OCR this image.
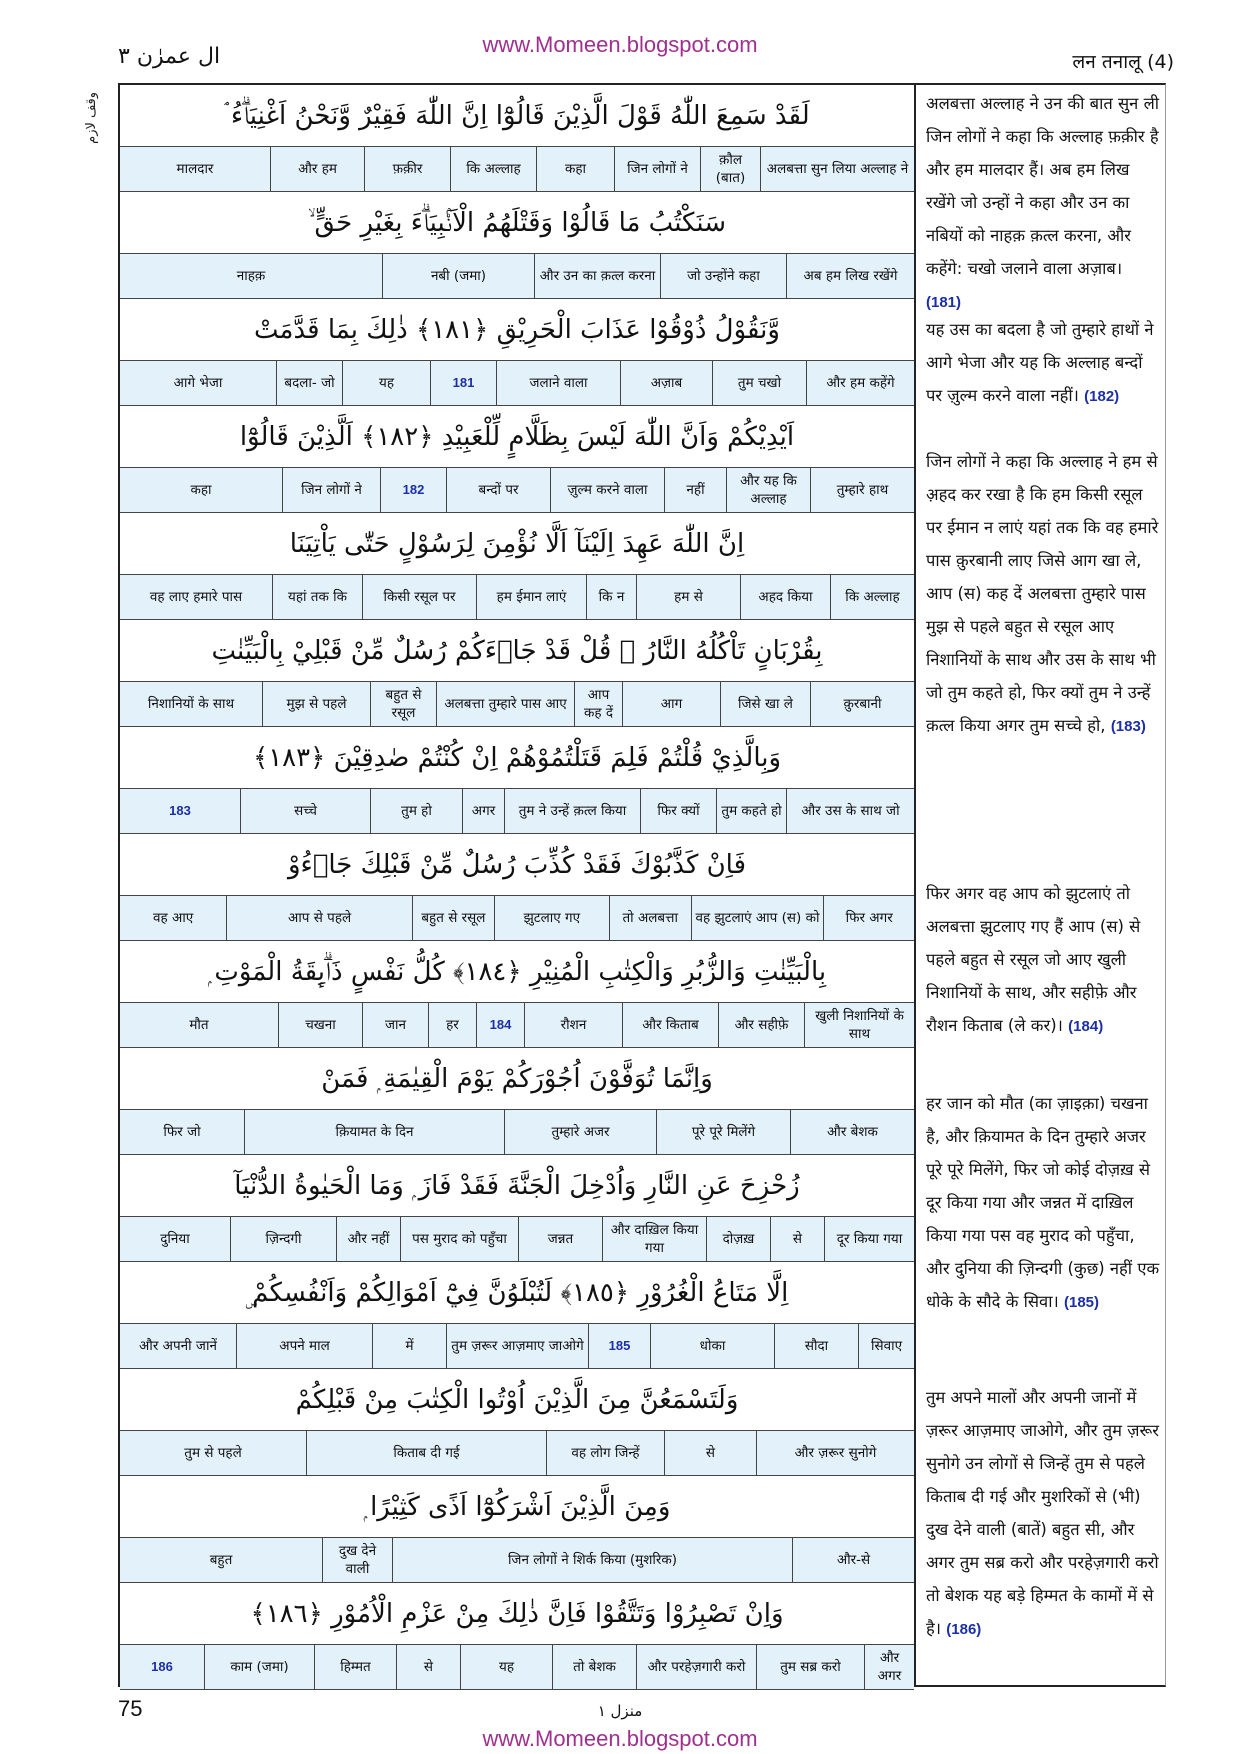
www.Momeen.blogspot.com
ال عمرٰن ٣	लन तनालू (4)
وقف لازم	لَقَدْ سَمِعَ اللّٰهُ قَوْلَ الَّذِيْنَ قَالُوْٓا اِنَّ اللّٰهَ فَقِيْرٌ وَّنَحْنُ اَغْنِيَاۗءُ ۘ
अलबत्ता सुन लिया अल्लाह ने
क़ौल (बात)
जिन लोगों ने
कहा
कि अल्लाह
फ़क़ीर
और हम
मालदार
سَنَكْتُبُ مَا قَالُوْا وَقَتْلَهُمُ الْاَنْۢبِيَاۗءَ بِغَيْرِ حَقٍّ ۙ
अब हम लिख रखेंगे
जो उन्होंने कहा
और उन का क़त्ल करना
नबी (जमा)
नाहक़
وَّنَقُوْلُ ذُوْقُوْا عَذَابَ الْحَرِيْقِ ﴿١٨١﴾ ذٰلِكَ بِمَا قَدَّمَتْ
और हम कहेंगे
तुम चखो
अज़ाब
जलाने वाला
181
यह
बदला- जो
आगे भेजा
اَيْدِيْكُمْ وَاَنَّ اللّٰهَ لَيْسَ بِظَلَّامٍ لِّلْعَبِيْدِ ﴿١٨٢﴾ اَلَّذِيْنَ قَالُوْٓا
तुम्हारे हाथ
और यह कि अल्लाह
नहीं
ज़ुल्म करने वाला
बन्दों पर
182
जिन लोगों ने
कहा
اِنَّ اللّٰهَ عَهِدَ اِلَيْنَآ اَلَّا نُؤْمِنَ لِرَسُوْلٍ حَتّٰى يَاْتِيَنَا
कि अल्लाह
अहद किया
हम से
कि न
हम ईमान लाएं
किसी रसूल पर
यहां तक कि
वह लाए हमारे पास
بِقُرْبَانٍ تَاْكُلُهُ النَّارُ ۭ قُلْ قَدْ جَاۗءَكُمْ رُسُلٌ مِّنْ قَبْلِيْ بِالْبَيِّنٰتِ
क़ुरबानी
जिसे खा ले
आग
आप कह दें
अलबत्ता तुम्हारे पास आए
बहुत से रसूल
मुझ से पहले
निशानियों के साथ
وَبِالَّذِيْ قُلْتُمْ فَلِمَ قَتَلْتُمُوْهُمْ اِنْ كُنْتُمْ صٰدِقِيْنَ ﴿١٨٣﴾
और उस के साथ जो
तुम कहते हो
फिर क्यों
तुम ने उन्हें क़त्ल किया
अगर
तुम हो
सच्चे
183
فَاِنْ كَذَّبُوْكَ فَقَدْ كُذِّبَ رُسُلٌ مِّنْ قَبْلِكَ جَاۗءُوْ
फिर अगर
वह झुटलाएं आप (स) को
तो अलबत्ता
झुटलाए गए
बहुत से रसूल
आप से पहले
वह आए
بِالْبَيِّنٰتِ وَالزُّبُرِ وَالْكِتٰبِ الْمُنِيْرِ ﴿١٨٤﴾ كُلُّ نَفْسٍ ذَاۗىِٕقَةُ الْمَوْتِ ۭ
खुली निशानियों के साथ
और सहीफ़े
और किताब
रौशन
184
हर
जान
चखना
मौत
وَاِنَّمَا تُوَفَّوْنَ اُجُوْرَكُمْ يَوْمَ الْقِيٰمَةِ ۭ فَمَنْ
और बेशक
पूरे पूरे मिलेंगे
तुम्हारे अजर
क़ियामत के दिन
फिर जो
زُحْزِحَ عَنِ النَّارِ وَاُدْخِلَ الْجَنَّةَ فَقَدْ فَازَ ۭ وَمَا الْحَيٰوةُ الدُّنْيَآ
दूर किया गया
से
दोज़ख़
और दाख़िल किया गया
जन्नत
पस मुराद को पहुँचा
और नहीं
ज़िन्दगी
दुनिया
اِلَّا مَتَاعُ الْغُرُوْرِ ﴿١٨٥﴾ لَتُبْلَوُنَّ فِيْٓ اَمْوَالِكُمْ وَاَنْفُسِكُمْ ۣ
सिवाए
सौदा
धोका
185
तुम ज़रूर आज़माए जाओगे
में
अपने माल
और अपनी जानें
وَلَتَسْمَعُنَّ مِنَ الَّذِيْنَ اُوْتُوا الْكِتٰبَ مِنْ قَبْلِكُمْ
और ज़रूर सुनोगे
से
वह लोग जिन्हें
किताब दी गई
तुम से पहले
وَمِنَ الَّذِيْنَ اَشْرَكُوْٓا اَذًى كَثِيْرًا ۭ
और-से
जिन लोगों ने शिर्क किया (मुशरिक)
दुख देने वाली
बहुत
وَاِنْ تَصْبِرُوْا وَتَتَّقُوْا فَاِنَّ ذٰلِكَ مِنْ عَزْمِ الْاُمُوْرِ ﴿١٨٦﴾
और अगर
तुम सब्र करो
और परहेज़गारी करो
तो बेशक
यह
से
हिम्मत
काम (जमा)
186
अलबत्ता अल्लाह ने उन की बात सुन ली जिन लोगों ने कहा कि अल्लाह फ़क़ीर है और हम मालदार हैं। अब हम लिख रखेंगे जो उन्हों ने कहा और उन का नबियों को नाहक़ क़त्ल करना, और कहेंगे: चखो जलाने वाला अज़ाब। (181)
यह उस का बदला है जो तुम्हारे हाथों ने आगे भेजा और यह कि अल्लाह बन्दों पर ज़ुल्म करने वाला नहीं। (182)
जिन लोगों ने कहा कि अल्लाह ने हम से अ़हद कर रखा है कि हम किसी रसूल पर ईमान न लाएं यहां तक कि वह हमारे पास क़ुरबानी लाए जिसे आग खा ले, आप (स) कह दें अलबत्ता तुम्हारे पास मुझ से पहले बहुत से रसूल आए निशानियों के साथ और उस के साथ भी जो तुम कहते हो, फिर क्यों तुम ने उन्हें क़त्ल किया अगर तुम सच्चे हो, (183)
फिर अगर वह आप को झुटलाएं तो अलबत्ता झुटलाए गए हैं आप (स) से पहले बहुत से रसूल जो आए खुली निशानियों के साथ, और सहीफ़े और रौशन किताब (ले कर)। (184)
हर जान को मौत (का ज़ाइक़ा) चखना है, और क़ियामत के दिन तुम्हारे अजर पूरे पूरे मिलेंगे, फिर जो कोई दोज़ख़ से दूर किया गया और जन्नत में दाख़िल किया गया पस वह मुराद को पहुँचा, और दुनिया की ज़िन्दगी (कुछ) नहीं एक धोके के सौदे के सिवा। (185)
तुम अपने मालों और अपनी जानों में ज़रूर आज़माए जाओगे, और तुम ज़रूर सुनोगे उन लोगों से जिन्हें तुम से पहले किताब दी गई और मुशरिकों से (भी) दुख देने वाली (बातें) बहुत सी, और अगर तुम सब्र करो और परहेज़गारी करो तो बेशक यह बड़े हिम्मत के कामों में से है। (186)
75	منزل ١
www.Momeen.blogspot.com
